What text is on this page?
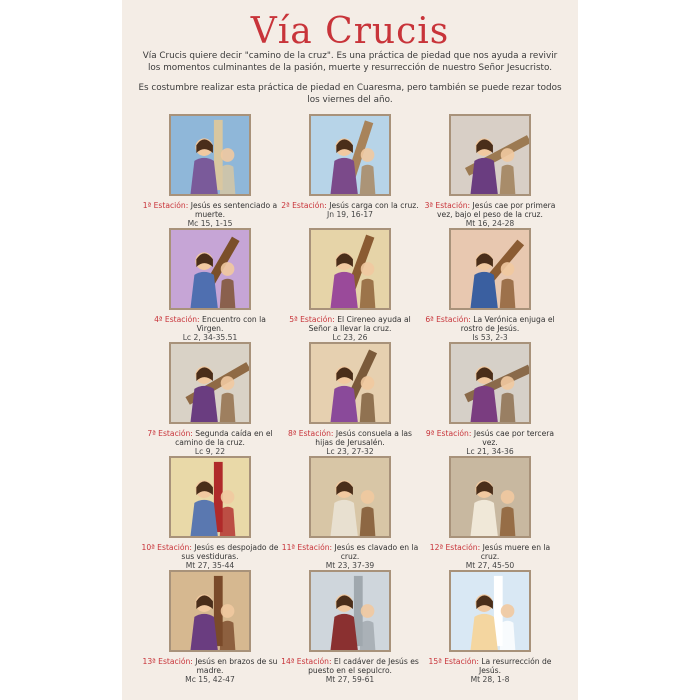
Vía Crucis
Vía Crucis quiere decir "camino de la cruz". Es una práctica de piedad que nos ayuda a revivir los momentos culminantes de la pasión, muerte y resurrección de nuestro Señor Jesucristo.
Es costumbre realizar esta práctica de piedad en Cuaresma, pero también se puede rezar todos los viernes del año.
1ª Estación: Jesús es sentenciado a muerte.
Mc 15, 1-15
2ª Estación: Jesús carga con la cruz.
Jn 19, 16-17
3ª Estación: Jesús cae por primera vez, bajo el peso de la cruz.
Mt 16, 24-28
4ª Estación: Encuentro con la Virgen.
Lc 2, 34-35.51
5ª Estación: El Cireneo ayuda al Señor a llevar la cruz.
Lc 23, 26
6ª Estación: La Verónica enjuga el rostro de Jesús.
Is 53, 2-3
7ª Estación: Segunda caída en el camino de la cruz.
Lc 9, 22
8ª Estación: Jesús consuela a las hijas de Jerusalén.
Lc 23, 27-32
9ª Estación: Jesús cae por tercera vez.
Lc 21, 34-36
10ª Estación: Jesús es despojado de sus vestiduras.
Mt 27, 35-44
11ª Estación: Jesús es clavado en la cruz.
Mt 23, 37-39
12ª Estación: Jesús muere en la cruz.
Mt 27, 45-50
13ª Estación: Jesús en brazos de su madre.
Mc 15, 42-47
14ª Estación: El cadáver de Jesús es puesto en el sepulcro.
Mt 27, 59-61
15ª Estación: La resurrección de Jesús.
Mt 28, 1-8
